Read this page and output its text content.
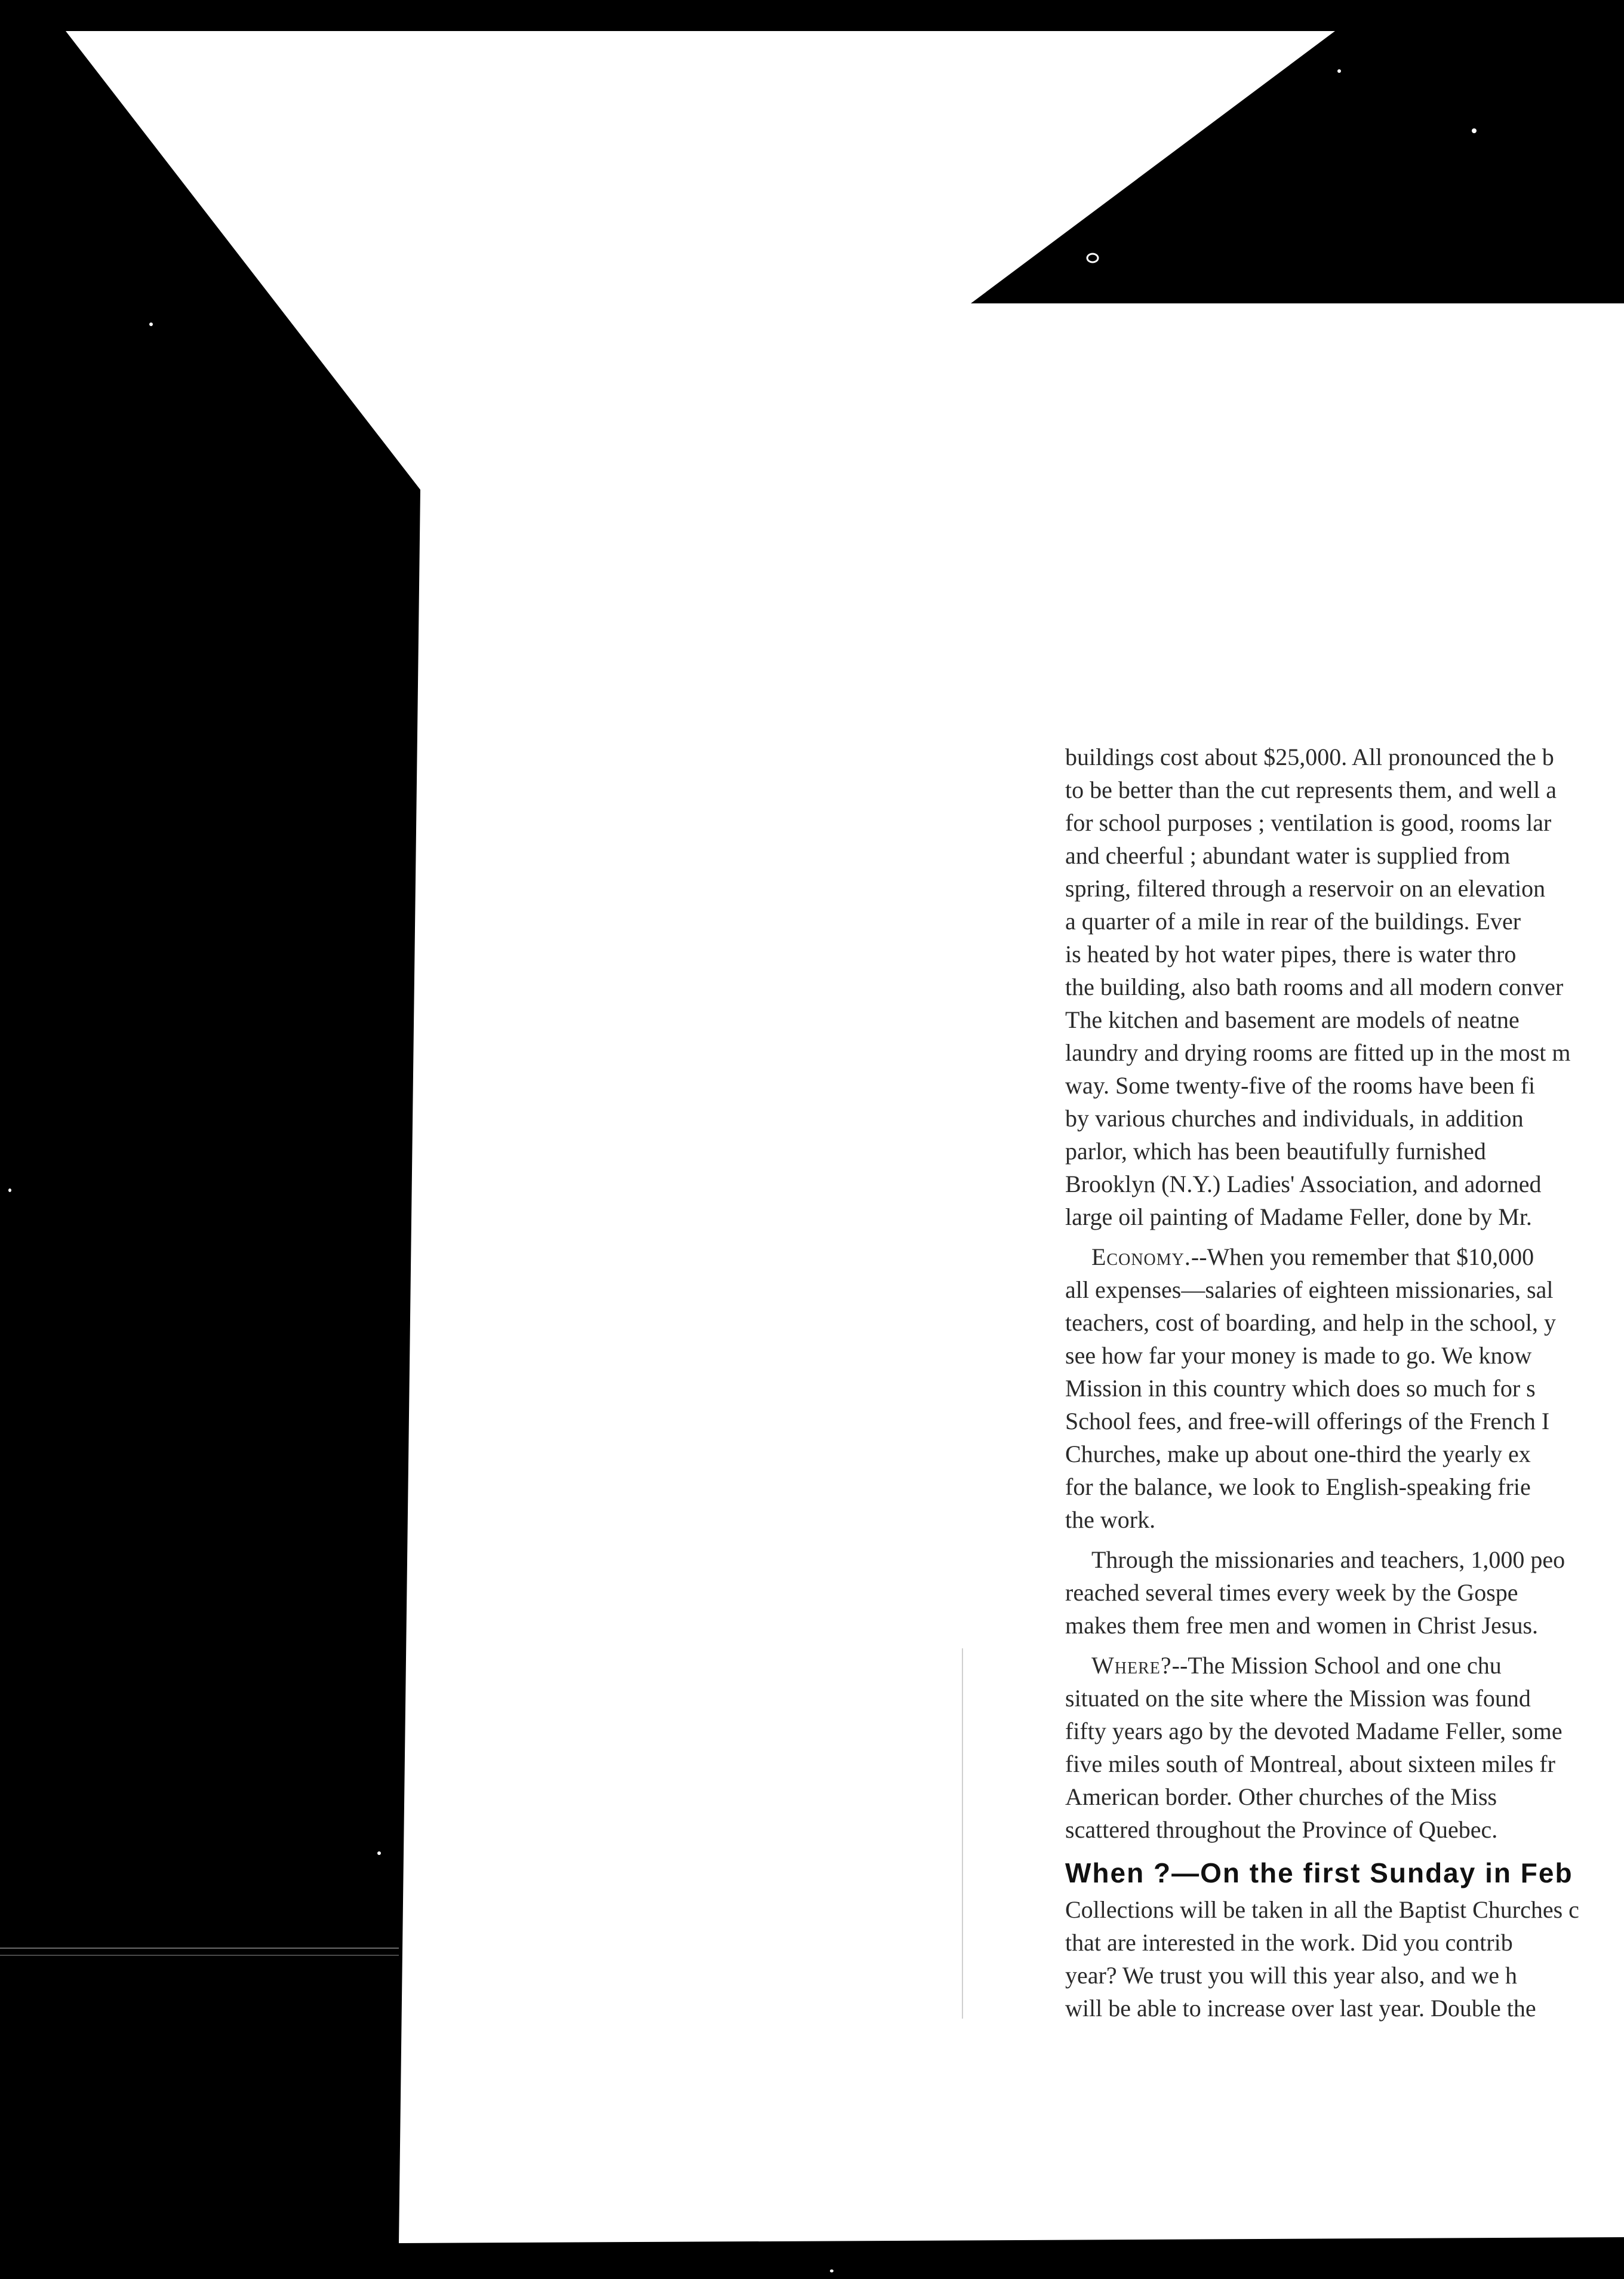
buildings cost about $25,000. All pronounced the b
to be better than the cut represents them, and well a
for school purposes ; ventilation is good, rooms lar
and cheerful ; abundant water is supplied from
spring, filtered through a reservoir on an elevation
a quarter of a mile in rear of the buildings. Ever
is heated by hot water pipes, there is water thro
the building, also bath rooms and all modern conver
The kitchen and basement are models of neatne
laundry and drying rooms are fitted up in the most m
way. Some twenty-five of the rooms have been fi
by various churches and individuals, in addition
parlor, which has been beautifully furnished
Brooklyn (N.Y.) Ladies' Association, and adorned
large oil painting of Madame Feller, done by Mr.
Economy.--When you remember that $10,000
all expenses—salaries of eighteen missionaries, sal
teachers, cost of boarding, and help in the school, y
see how far your money is made to go. We know
Mission in this country which does so much for s
School fees, and free-will offerings of the French I
Churches, make up about one-third the yearly ex
for the balance, we look to English-speaking frie
the work.
Through the missionaries and teachers, 1,000 peo
reached several times every week by the Gospe
makes them free men and women in Christ Jesus.
Where?--The Mission School and one chu
situated on the site where the Mission was found
fifty years ago by the devoted Madame Feller, some
five miles south of Montreal, about sixteen miles fr
American border. Other churches of the Miss
scattered throughout the Province of Quebec.
When ?—On the first Sunday in Feb
Collections will be taken in all the Baptist Churches c
that are interested in the work. Did you contrib
year? We trust you will this year also, and we h
will be able to increase over last year. Double the
